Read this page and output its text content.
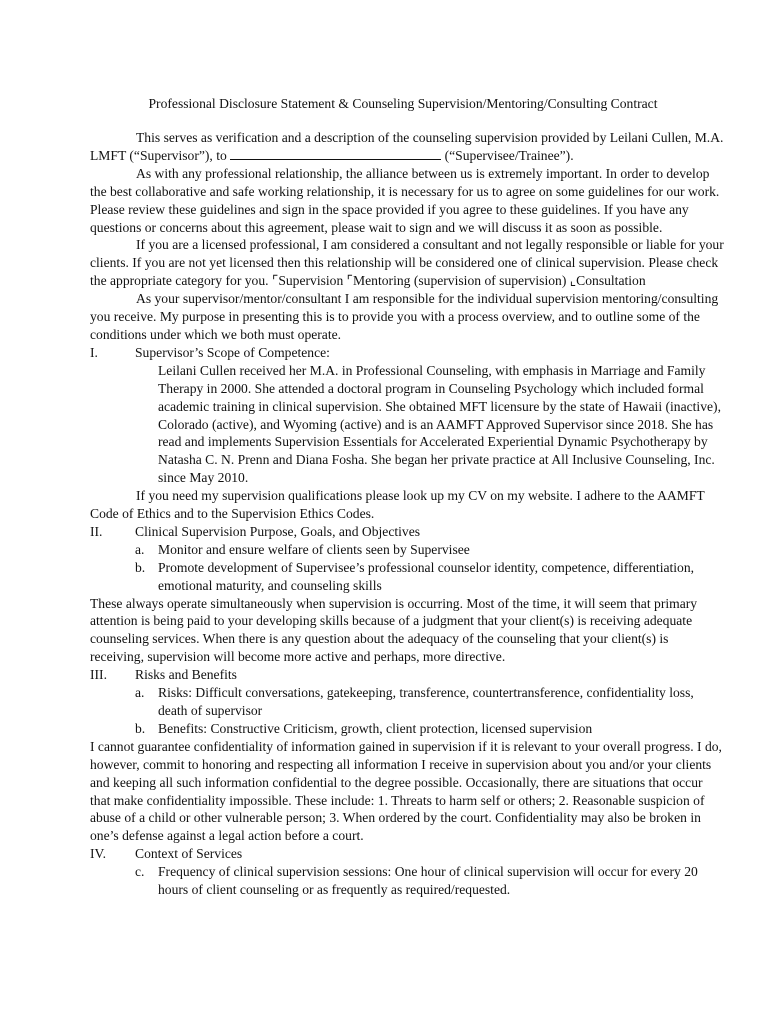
Professional Disclosure Statement & Counseling Supervision/Mentoring/Consulting Contract

This serves as verification and a description of the counseling supervision provided by Leilani Cullen, M.A. LMFT (“Supervisor”), to	(“Supervisee/Trainee”).

As with any professional relationship, the alliance between us is extremely important. In order to develop the best collaborative and safe working relationship, it is necessary for us to agree on some guidelines for our work. Please review these guidelines and sign in the space provided if you agree to these guidelines. If you have any questions or concerns about this agreement, please wait to sign and we will discuss it as soon as possible.

If you are a licensed professional, I am considered a consultant and not legally responsible or liable for your clients. If you are not yet licensed then this relationship will be considered one of clinical supervision. Please check the appropriate category for you. ⌜Supervision ⌜Mentoring (supervision of supervision) ⌞Consultation

As your supervisor/mentor/consultant I am responsible for the individual supervision mentoring/consulting you receive. My purpose in presenting this is to provide you with a process overview, and to outline some of the conditions under which we both must operate.

I.	Supervisor’s Scope of Competence:

Leilani Cullen received her M.A. in Professional Counseling, with emphasis in Marriage and Family Therapy in 2000. She attended a doctoral program in Counseling Psychology which included formal academic training in clinical supervision. She obtained MFT licensure by the state of Hawaii (inactive), Colorado (active), and Wyoming (active) and is an AAMFT Approved Supervisor since 2018. She has read and implements Supervision Essentials for Accelerated Experiential Dynamic Psychotherapy by Natasha C. N. Prenn and Diana Fosha. She began her private practice at All Inclusive Counseling, Inc. since May 2010.

If you need my supervision qualifications please look up my CV on my website. I adhere to the AAMFT Code of Ethics and to the Supervision Ethics Codes.

II.	Clinical Supervision Purpose, Goals, and Objectives
a. Monitor and ensure welfare of clients seen by Supervisee
b. Promote development of Supervisee’s professional counselor identity, competence, differentiation, emotional maturity, and counseling skills

These always operate simultaneously when supervision is occurring. Most of the time, it will seem that primary attention is being paid to your developing skills because of a judgment that your client(s) is receiving adequate counseling services. When there is any question about the adequacy of the counseling that your client(s) is receiving, supervision will become more active and perhaps, more directive.

III.	Risks and Benefits
a. Risks: Difficult conversations, gatekeeping, transference, countertransference, confidentiality loss, death of supervisor
b. Benefits: Constructive Criticism, growth, client protection, licensed supervision

I cannot guarantee confidentiality of information gained in supervision if it is relevant to your overall progress. I do, however, commit to honoring and respecting all information I receive in supervision about you and/or your clients and keeping all such information confidential to the degree possible. Occasionally, there are situations that occur that make confidentiality impossible. These include: 1. Threats to harm self or others; 2. Reasonable suspicion of abuse of a child or other vulnerable person; 3. When ordered by the court. Confidentiality may also be broken in one’s defense against a legal action before a court.

IV.	Context of Services
c. Frequency of clinical supervision sessions: One hour of clinical supervision will occur for every 20 hours of client counseling or as frequently as required/requested.
